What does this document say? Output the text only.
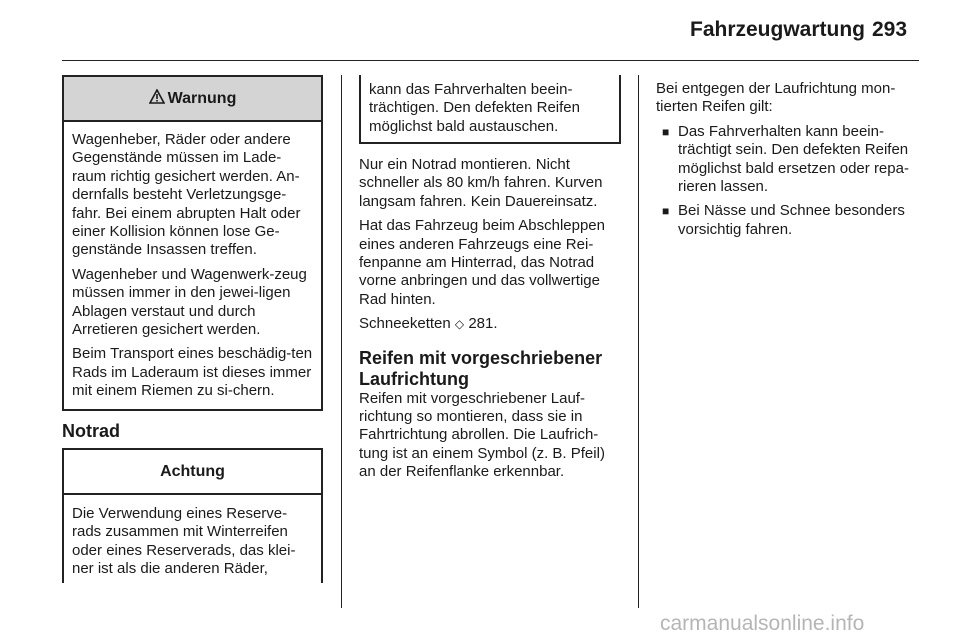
Fahrzeugwartung 293
Warnung

Wagenheber, Räder oder andere Gegenstände müssen im Lade-raum richtig gesichert werden. An-dernfalls besteht Verletzungsge-fahr. Bei einem abrupten Halt oder einer Kollision können lose Ge-genstände Insassen treffen.

Wagenheber und Wagenwerk-zeug müssen immer in den jewei-ligen Ablagen verstaut und durch Arretieren gesichert werden.

Beim Transport eines beschädig-ten Rads im Laderaum ist dieses immer mit einem Riemen zu si-chern.

Notrad
Achtung

Die Verwendung eines Reserve-rads zusammen mit Winterreifen oder eines Reserverads, das klei-ner ist als die anderen Räder,

kann das Fahrverhalten beein-trächtigen. Den defekten Reifen möglichst bald austauschen.

Nur ein Notrad montieren. Nicht schneller als 80 km/h fahren. Kurven langsam fahren. Kein Dauereinsatz.

Hat das Fahrzeug beim Abschleppen eines anderen Fahrzeugs eine Rei-fenpanne am Hinterrad, das Notrad vorne anbringen und das vollwertige Rad hinten.

Schneeketten ◇ 281.

Reifen mit vorgeschriebener Laufrichtung

Reifen mit vorgeschriebener Lauf-richtung so montieren, dass sie in Fahrtrichtung abrollen. Die Laufrich-tung ist an einem Symbol (z. B. Pfeil) an der Reifenflanke erkennbar.

Bei entgegen der Laufrichtung mon-tierten Reifen gilt:

■ Das Fahrverhalten kann beein-trächtigt sein. Den defekten Reifen möglichst bald ersetzen oder repa-rieren lassen.
■ Bei Nässe und Schnee besonders vorsichtig fahren.
carmanualsonline.info
